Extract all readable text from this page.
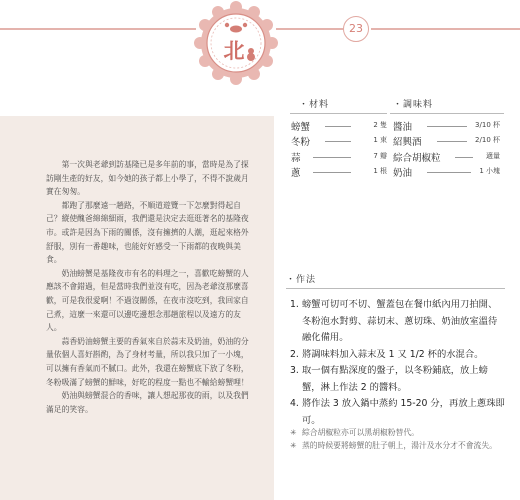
第一次與老爺到訪基隆已是多年前的事，當時是為了探訪剛生產的好友，如今她的孩子都上小學了，不得不說歲月實在匆匆。

都跑了那麼遠一趟路，不順道遊覽一下怎麼對得起自己？縱使醜爸綿綿細雨，我們還是決定去逛逛著名的基隆夜市。或許是因為下雨的關係，沒有擁擠的人潮，逛起來格外舒服，別有一番趣味，也能好好感受一下雨都的夜晚與美食。

奶油螃蟹是基隆夜市有名的料理之一，喜歡吃螃蟹的人應該不會錯過，但是當時我們並沒有吃，因為老爺沒那麼喜歡，可是我很愛啊！不過沒關係，在夜市沒吃到，我回家自己煮，這麼一來還可以邊吃邊想念那趟旅程以及遠方的友人。

蒜香奶油螃蟹主要的香氣來自於蒜末及奶油，奶油的分量依個人喜好斟酌，為了身材考量，所以我只加了一小塊，可以擁有香氣而不膩口。此外，我還在螃蟹底下放了冬粉，冬粉吸滿了螃蟹的鮮味，好吃的程度一點也不輸給螃蟹哩！

奶油與螃蟹混合的香味，讓人想起那夜的雨，以及我們滿足的笑容。

北
23
・材料
螃蟹	2 隻
冬粉	1 束
蒜	7 瓣
蔥	1 根
・調味料
醬油	3/10 杯
紹興酒	2/10 杯
綜合胡椒粒	適量
奶油	1 小塊
・作法
1. 螃蟹可切可不切、蟹蓋包在餐巾紙內用刀拍開、冬粉泡水對剪、蒜切末、蔥切珠、奶油放室溫待融化備用。
2. 將調味料加入蒜末及 1 又 1/2 杯的水混合。
3. 取一個有點深度的盤子，以冬粉鋪底，放上螃蟹，淋上作法 2 的醬料。
4. 將作法 3 放入鍋中蒸約 15-20 分，再放上蔥珠即可。
✳ 綜合胡椒粒亦可以黑胡椒粉替代。
✳ 蒸的時候要將螃蟹的肚子朝上，湯汁及水分才不會流失。
